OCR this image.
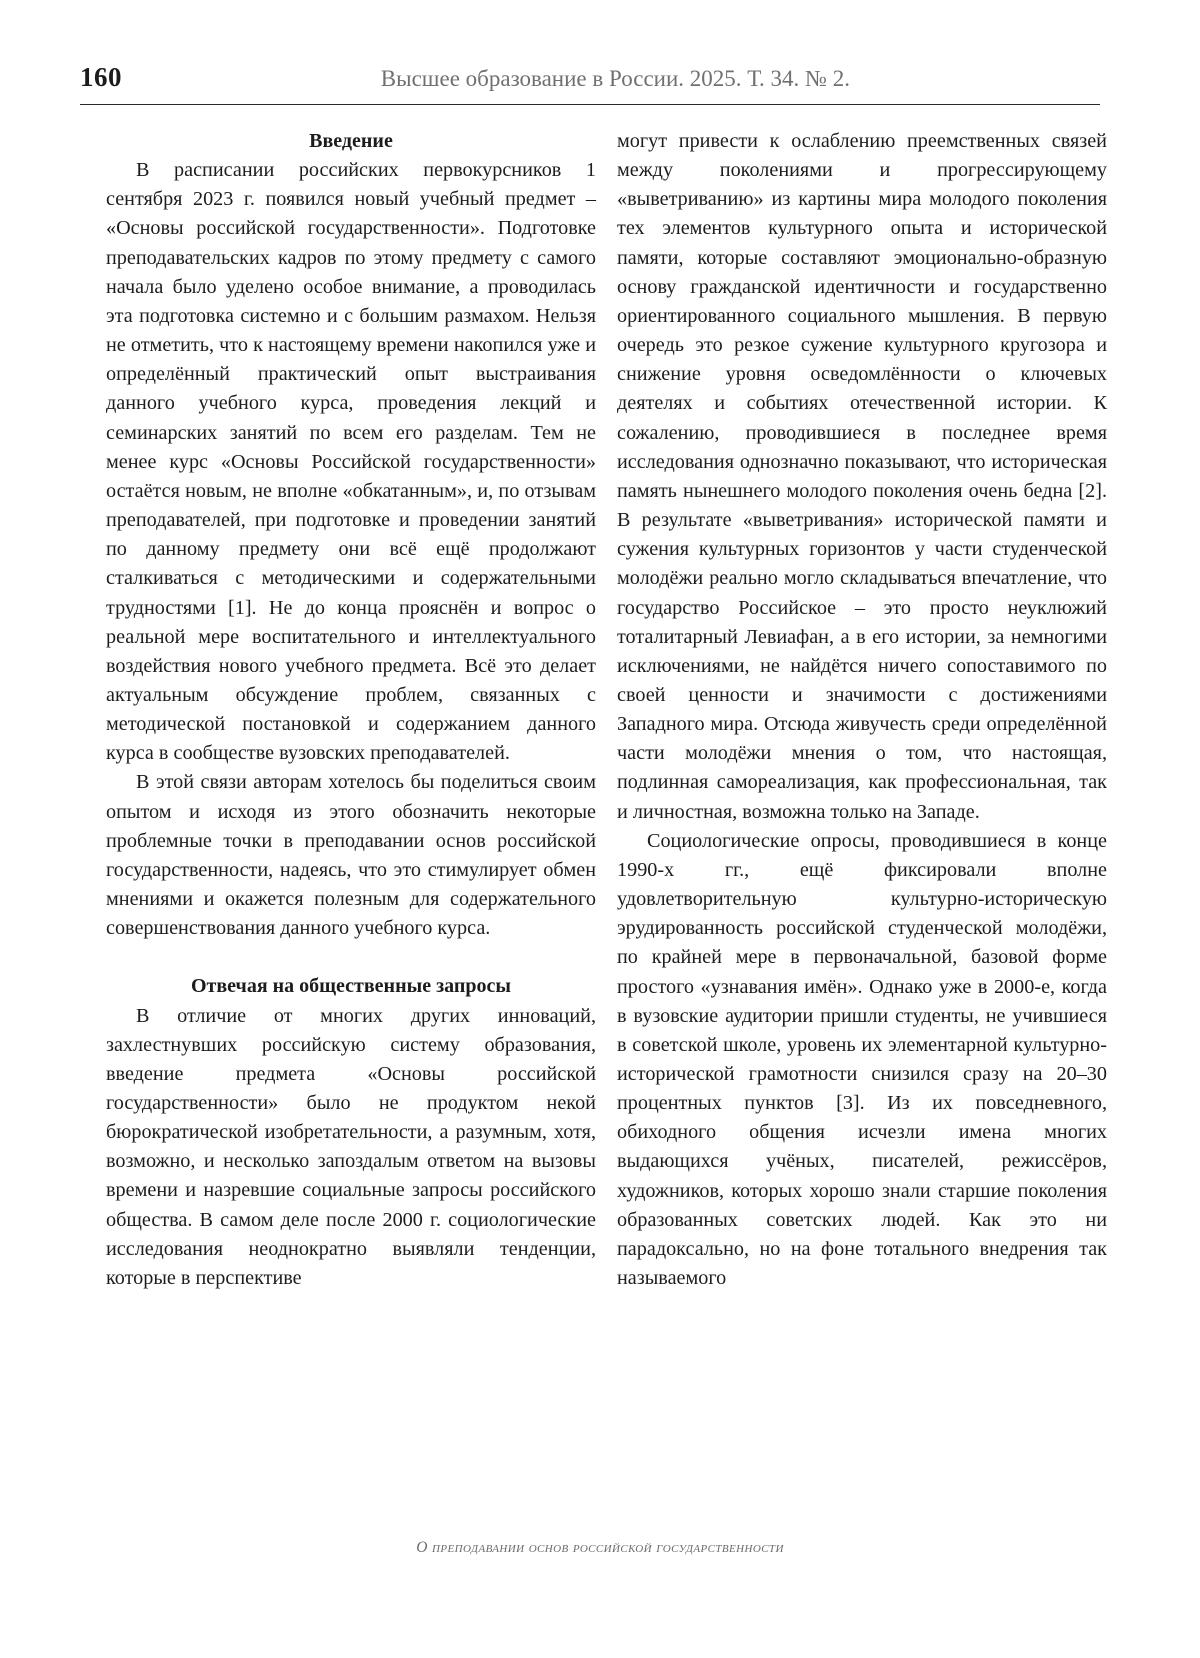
160	Высшее образование в России. 2025. Т. 34. № 2.
Введение

В расписании российских первокурсников 1 сентября 2023 г. появился новый учебный предмет – «Основы российской государственности». Подготовке преподавательских кадров по этому предмету с самого начала было уделено особое внимание, а проводилась эта подготовка системно и с большим размахом. Нельзя не отметить, что к настоящему времени накопился уже и определённый практический опыт выстраивания данного учебного курса, проведения лекций и семинарских занятий по всем его разделам. Тем не менее курс «Основы Российской государственности» остаётся новым, не вполне «обкатанным», и, по отзывам преподавателей, при подготовке и проведении занятий по данному предмету они всё ещё продолжают сталкиваться с методическими и содержательными трудностями [1]. Не до конца прояснён и вопрос о реальной мере воспитательного и интеллектуального воздействия нового учебного предмета. Всё это делает актуальным обсуждение проблем, связанных с методической постановкой и содержанием данного курса в сообществе вузовских преподавателей.

В этой связи авторам хотелось бы поделиться своим опытом и исходя из этого обозначить некоторые проблемные точки в преподавании основ российской государственности, надеясь, что это стимулирует обмен мнениями и окажется полезным для содержательного совершенствования данного учебного курса.

Отвечая на общественные запросы

В отличие от многих других инноваций, захлестнувших российскую систему образования, введение предмета «Основы российской государственности» было не продуктом некой бюрократической изобретательности, а разумным, хотя, возможно, и несколько запоздалым ответом на вызовы времени и назревшие социальные запросы российского общества. В самом деле после 2000 г. социологические исследования неоднократно выявляли тенденции, которые в перспективе

могут привести к ослаблению преемственных связей между поколениями и прогрессирующему «выветриванию» из картины мира молодого поколения тех элементов культурного опыта и исторической памяти, которые составляют эмоционально-образную основу гражданской идентичности и государственно ориентированного социального мышления. В первую очередь это резкое сужение культурного кругозора и снижение уровня осведомлённости о ключевых деятелях и событиях отечественной истории. К сожалению, проводившиеся в последнее время исследования однозначно показывают, что историческая память нынешнего молодого поколения очень бедна [2]. В результате «выветривания» исторической памяти и сужения культурных горизонтов у части студенческой молодёжи реально могло складываться впечатление, что государство Российское – это просто неуклюжий тоталитарный Левиафан, а в его истории, за немногими исключениями, не найдётся ничего сопоставимого по своей ценности и значимости с достижениями Западного мира. Отсюда живучесть среди определённой части молодёжи мнения о том, что настоящая, подлинная самореализация, как профессиональная, так и личностная, возможна только на Западе.

Социологические опросы, проводившиеся в конце 1990-х гг., ещё фиксировали вполне удовлетворительную культурно-историческую эрудированность российской студенческой молодёжи, по крайней мере в первоначальной, базовой форме простого «узнавания имён». Однако уже в 2000-е, когда в вузовские аудитории пришли студенты, не учившиеся в советской школе, уровень их элементарной культурно-исторической грамотности снизился сразу на 20–30 процентных пунктов [3]. Из их повседневного, обиходного общения исчезли имена многих выдающихся учёных, писателей, режиссёров, художников, которых хорошо знали старшие поколения образованных советских людей. Как это ни парадоксально, но на фоне тотального внедрения так называемого

О преподавании основ российской государственности
